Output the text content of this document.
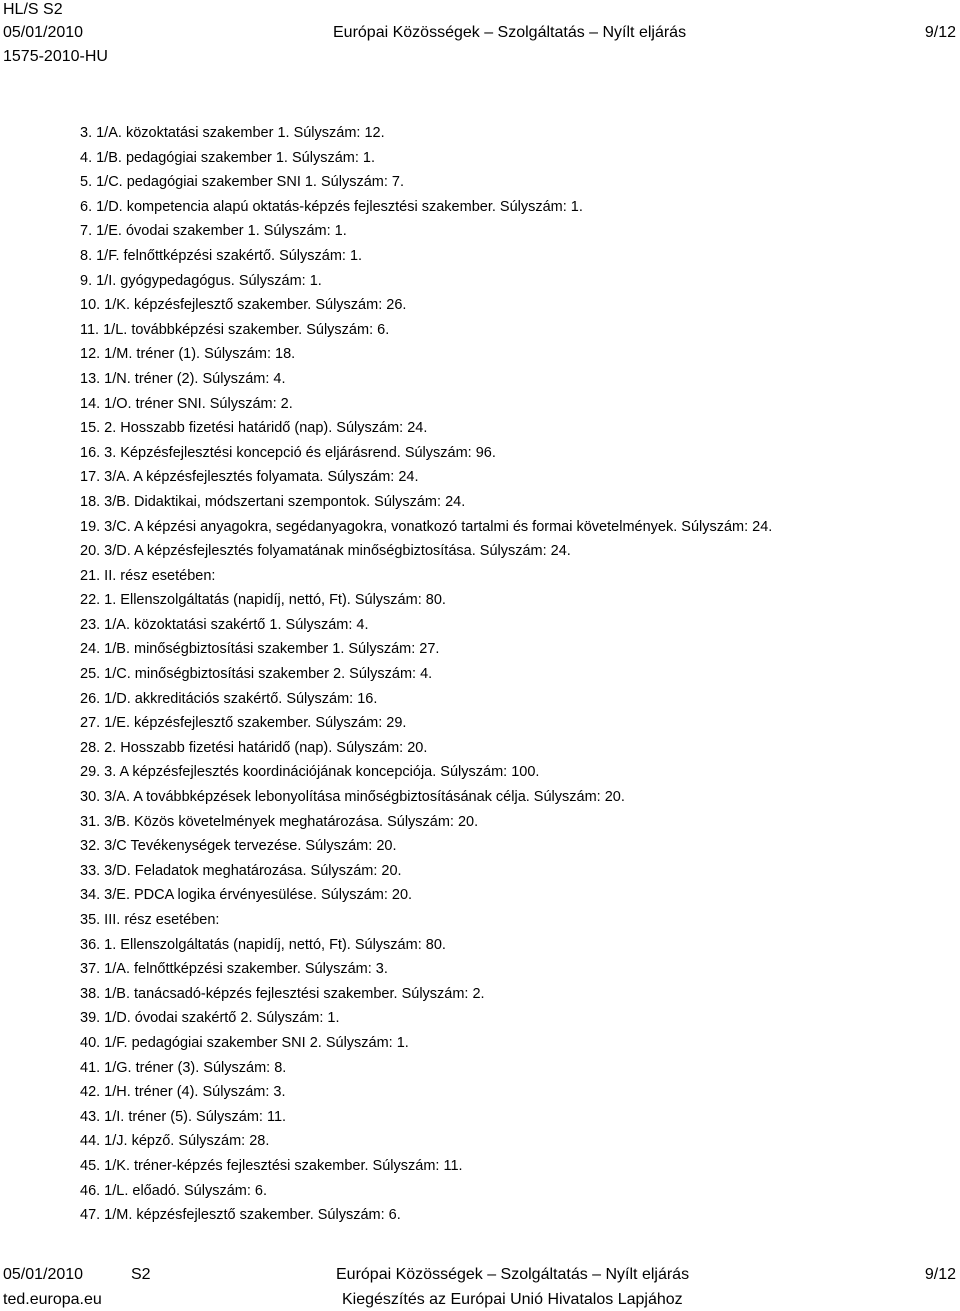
HL/S S2
05/01/2010	Európai Közösségek – Szolgáltatás – Nyílt eljárás	9/12
1575-2010-HU
3. 1/A. közoktatási szakember 1. Súlyszám: 12.
4. 1/B. pedagógiai szakember 1. Súlyszám: 1.
5. 1/C. pedagógiai szakember SNI 1. Súlyszám: 7.
6. 1/D. kompetencia alapú oktatás-képzés fejlesztési szakember. Súlyszám: 1.
7. 1/E. óvodai szakember 1. Súlyszám: 1.
8. 1/F. felnőttképzési szakértő. Súlyszám: 1.
9. 1/I. gyógypedagógus. Súlyszám: 1.
10. 1/K. képzésfejlesztő szakember. Súlyszám: 26.
11. 1/L. továbbképzési szakember. Súlyszám: 6.
12. 1/M. tréner (1). Súlyszám: 18.
13. 1/N. tréner (2). Súlyszám: 4.
14. 1/O. tréner SNI. Súlyszám: 2.
15. 2. Hosszabb fizetési határidő (nap). Súlyszám: 24.
16. 3. Képzésfejlesztési koncepció és eljárásrend. Súlyszám: 96.
17. 3/A. A képzésfejlesztés folyamata. Súlyszám: 24.
18. 3/B. Didaktikai, módszertani szempontok. Súlyszám: 24.
19. 3/C. A képzési anyagokra, segédanyagokra, vonatkozó tartalmi és formai követelmények. Súlyszám: 24.
20. 3/D. A képzésfejlesztés folyamatának minőségbiztosítása. Súlyszám: 24.
21. II. rész esetében:
22. 1. Ellenszolgáltatás (napidíj, nettó, Ft). Súlyszám: 80.
23. 1/A. közoktatási szakértő 1. Súlyszám: 4.
24. 1/B. minőségbiztosítási szakember 1. Súlyszám: 27.
25. 1/C. minőségbiztosítási szakember 2. Súlyszám: 4.
26. 1/D. akkreditációs szakértő. Súlyszám: 16.
27. 1/E. képzésfejlesztő szakember. Súlyszám: 29.
28. 2. Hosszabb fizetési határidő (nap). Súlyszám: 20.
29. 3. A képzésfejlesztés koordinációjának koncepciója. Súlyszám: 100.
30. 3/A. A továbbképzések lebonyolítása minőségbiztosításának célja. Súlyszám: 20.
31. 3/B. Közös követelmények meghatározása. Súlyszám: 20.
32. 3/C Tevékenységek tervezése. Súlyszám: 20.
33. 3/D. Feladatok meghatározása. Súlyszám: 20.
34. 3/E. PDCA logika érvényesülése. Súlyszám: 20.
35. III. rész esetében:
36. 1. Ellenszolgáltatás (napidíj, nettó, Ft). Súlyszám: 80.
37. 1/A. felnőttképzési szakember. Súlyszám: 3.
38. 1/B. tanácsadó-képzés fejlesztési szakember. Súlyszám: 2.
39. 1/D. óvodai szakértő 2. Súlyszám: 1.
40. 1/F. pedagógiai szakember SNI 2. Súlyszám: 1.
41. 1/G. tréner (3). Súlyszám: 8.
42. 1/H. tréner (4). Súlyszám: 3.
43. 1/I. tréner (5). Súlyszám: 11.
44. 1/J. képző. Súlyszám: 28.
45. 1/K. tréner-képzés fejlesztési szakember. Súlyszám: 11.
46. 1/L. előadó. Súlyszám: 6.
47. 1/M. képzésfejlesztő szakember. Súlyszám: 6.
05/01/2010	S2	Európai Közösségek – Szolgáltatás – Nyílt eljárás	9/12
ted.europa.eu	Kiegészítés az Európai Unió Hivatalos Lapjához
